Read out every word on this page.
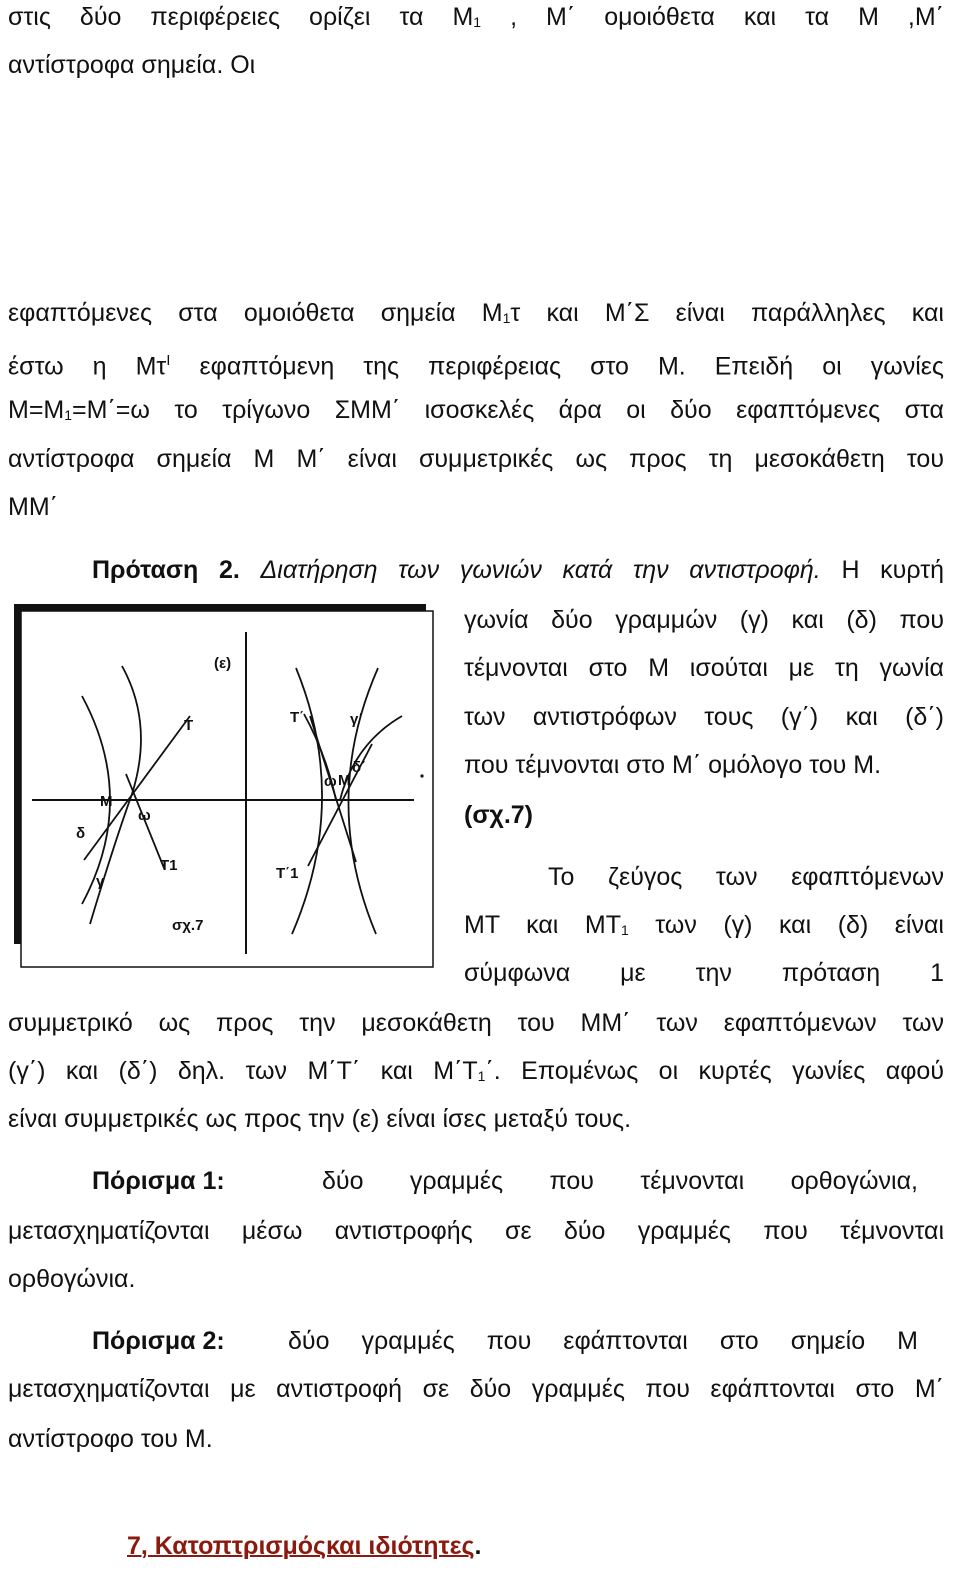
στις δύο περιφέρειες ορίζει τα $M_1$ , Μ΄ ομοιόθετα και τα Μ ,Μ΄
αντίστροφα σημεία. Οι
εφαπτόμενες στα ομοιόθετα σημεία $M_1\tau$ και Μ΄Σ είναι παράλληλες και
έστω η $M\tau^I$ εφαπτόμενη της περιφέρειας στο Μ. Επειδή οι γωνίες
$M=M_1=M΄=\omega$ το τρίγωνο ΣΜΜ΄ ισοσκελές άρα οι δύο εφαπτόμενες στα
αντίστροφα σημεία Μ Μ΄ είναι συμμετρικές ως προς τη μεσοκάθετη του
ΜΜ΄
Πρόταση 2. Διατήρηση των γωνιών κατά την αντιστροφή. Η κυρτή
γωνία δύο γραμμών (γ) και (δ) που
τέμνονται στο Μ ισούται με τη γωνία
των αντιστρόφων τους (γ΄) και (δ΄)
που τέμνονται στο Μ΄ ομόλογο του Μ.
(σχ.7)
Το ζεύγος των εφαπτόμενων
ΜΤ και $MT_1$ των (γ) και (δ) είναι
σύμφωνα με την πρόταση 1
συμμετρικό ως προς την μεσοκάθετη του ΜΜ΄ των εφαπτόμενων των
(γ΄) και (δ΄) δηλ. των Μ΄Τ΄ και $M΄T_1΄$. Επομένως οι κυρτές γωνίες αφού
είναι συμμετρικές ως προς την (ε) είναι ίσες μεταξύ τους.
(ε)
T
M
ω
δ
γ
T1
T΄	γ΄
δ΄
ω M
T΄1
σχ.7
Πόρισμα 1:	δύο γραμμές που τέμνονται ορθογώνια,
μετασχηματίζονται μέσω αντιστροφής σε δύο γραμμές που τέμνονται
ορθογώνια.
Πόρισμα 2:	δύο γραμμές που εφάπτονται στο σημείο Μ
μετασχηματίζονται με αντιστροφή σε δύο γραμμές που εφάπτονται στο Μ΄
αντίστροφο του Μ.
7, Κατοπτρισμόςκαι ιδιότητες.
